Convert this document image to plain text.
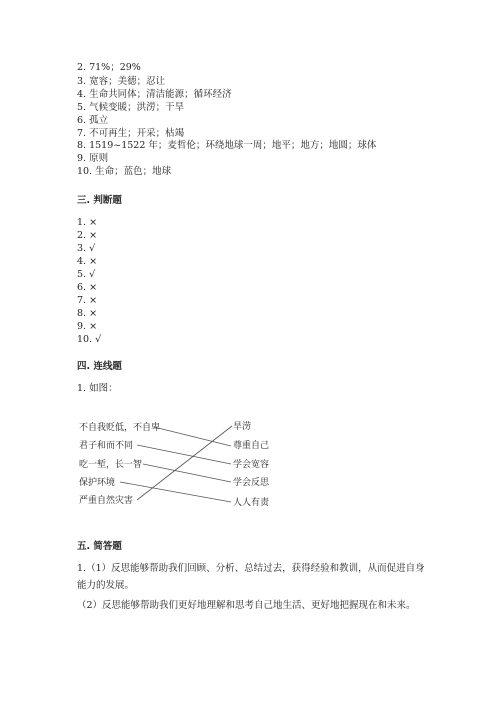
2. 71%；29%
3. 宽容；美德；忍让
4. 生命共同体；清洁能源；循环经济
5. 气候变暖；洪涝；干旱
6. 孤立
7. 不可再生；开采；枯竭
8. 1519~1522 年；麦哲伦；环绕地球一周；地平；地方；地圆；球体
9. 原则
10. 生命；蓝色；地球
三. 判断题
1. ×
2. ×
3. √
4. ×
5. √
6. ×
7. ×
8. ×
9. ×
10. √
四. 连线题
1. 如图：
不自我贬低，不自卑
君子和而不同
吃一堑，长一智
保护环境
严重自然灾害
旱涝
尊重自己
学会宽容
学会反思
人人有责
五. 简答题
1.（1）反思能够帮助我们回顾、分析、总结过去，获得经验和教训，从而促进自身能力的发展。
（2）反思能够帮助我们更好地理解和思考自己地生活、更好地把握现在和未来。
